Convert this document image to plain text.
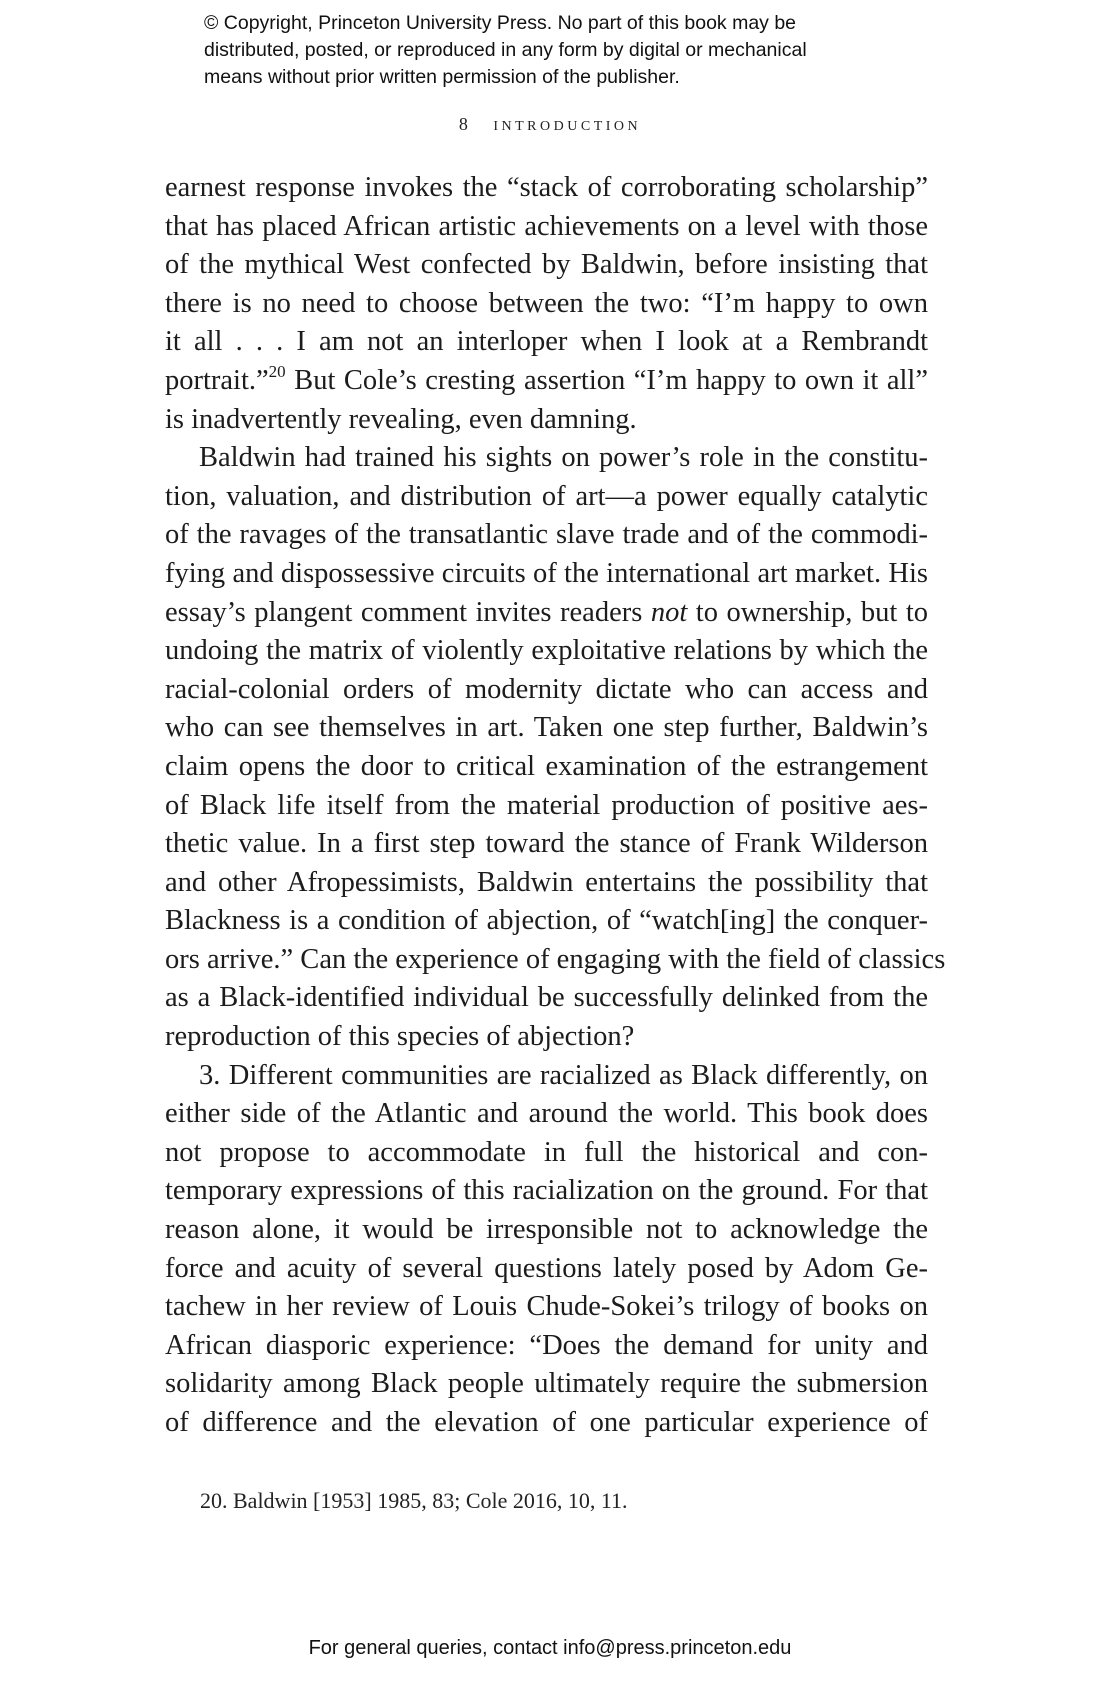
© Copyright, Princeton University Press. No part of this book may be
distributed, posted, or reproduced in any form by digital or mechanical
means without prior written permission of the publisher.
8 introduction
earnest response invokes the “stack of corroborating scholarship”
that has placed African artistic achievements on a level with those
of the mythical West confected by Baldwin, before insisting that
there is no need to choose between the two: “I’m happy to own
it all . . . I am not an interloper when I look at a Rembrandt
portrait.”$^{20}$ But Cole’s cresting assertion “I’m happy to own it all”
is inadvertently revealing, even damning.
Baldwin had trained his sights on power’s role in the constitu-
tion, valuation, and distribution of art—a power equally catalytic
of the ravages of the transatlantic slave trade and of the commodi-
fying and dispossessive circuits of the international art market. His
essay’s plangent comment invites readers not to ownership, but to
undoing the matrix of violently exploitative relations by which the
racial-colonial orders of modernity dictate who can access and
who can see themselves in art. Taken one step further, Baldwin’s
claim opens the door to critical examination of the estrangement
of Black life itself from the material production of positive aes-
thetic value. In a first step toward the stance of Frank Wilderson
and other Afropessimists, Baldwin entertains the possibility that
Blackness is a condition of abjection, of “watch[ing] the conquer-
ors arrive.” Can the experience of engaging with the field of classics
as a Black-identified individual be successfully delinked from the
reproduction of this species of abjection?
3. Different communities are racialized as Black differently, on
either side of the Atlantic and around the world. This book does
not propose to accommodate in full the historical and con-
temporary expressions of this racialization on the ground. For that
reason alone, it would be irresponsible not to acknowledge the
force and acuity of several questions lately posed by Adom Ge-
tachew in her review of Louis Chude-Sokei’s trilogy of books on
African diasporic experience: “Does the demand for unity and
solidarity among Black people ultimately require the submersion
of difference and the elevation of one particular experience of
20. Baldwin [1953] 1985, 83; Cole 2016, 10, 11.
For general queries, contact info@press.princeton.edu
